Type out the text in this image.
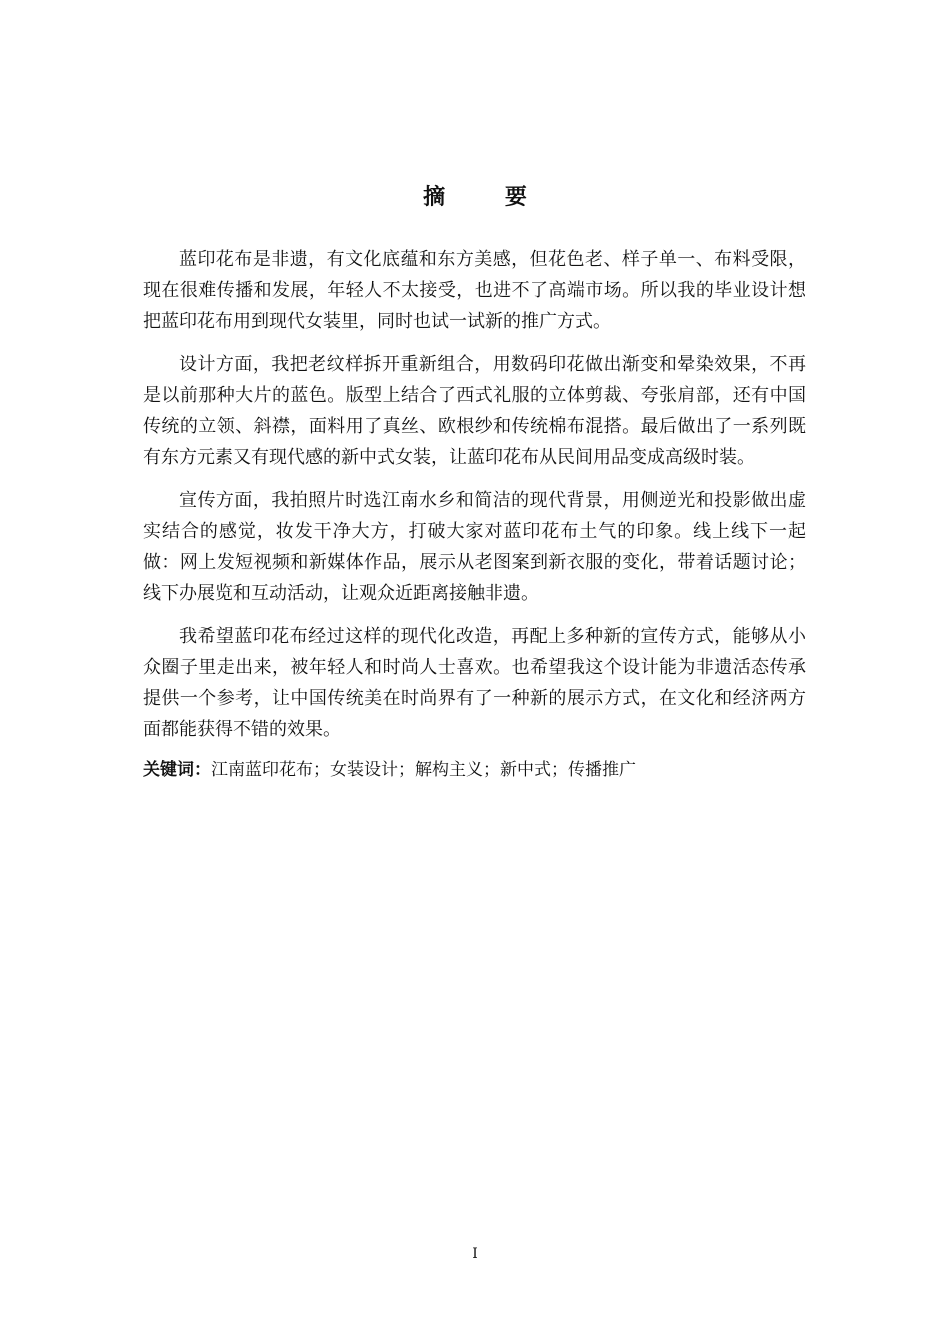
摘 要

蓝印花布是非遗，有文化底蕴和东方美感，但花色老、样子单一、布料受限，现在很难传播和发展，年轻人不太接受，也进不了高端市场。所以我的毕业设计想把蓝印花布用到现代女装里，同时也试一试新的推广方式。

设计方面，我把老纹样拆开重新组合，用数码印花做出渐变和晕染效果，不再是以前那种大片的蓝色。版型上结合了西式礼服的立体剪裁、夸张肩部，还有中国传统的立领、斜襟，面料用了真丝、欧根纱和传统棉布混搭。最后做出了一系列既有东方元素又有现代感的新中式女装，让蓝印花布从民间用品变成高级时装。

宣传方面，我拍照片时选江南水乡和简洁的现代背景，用侧逆光和投影做出虚实结合的感觉，妆发干净大方，打破大家对蓝印花布土气的印象。线上线下一起做：网上发短视频和新媒体作品，展示从老图案到新衣服的变化，带着话题讨论；线下办展览和互动活动，让观众近距离接触非遗。

我希望蓝印花布经过这样的现代化改造，再配上多种新的宣传方式，能够从小众圈子里走出来，被年轻人和时尚人士喜欢。也希望我这个设计能为非遗活态传承提供一个参考，让中国传统美在时尚界有了一种新的展示方式，在文化和经济两方面都能获得不错的效果。

关键词：江南蓝印花布；女装设计；解构主义；新中式；传播推广

I
